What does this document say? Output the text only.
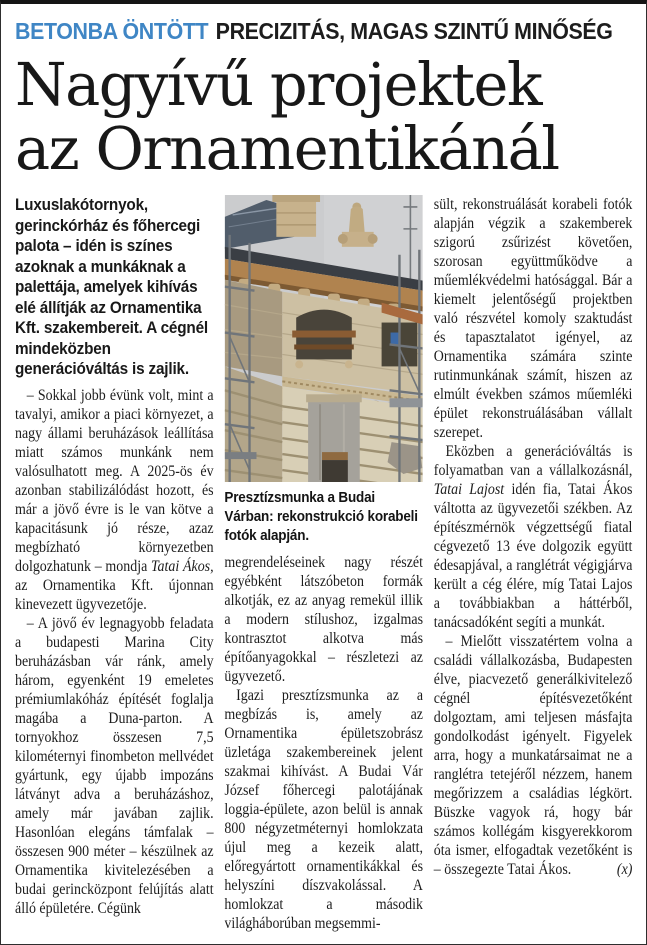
BETONBA ÖNTÖTT PRECIZITÁS, MAGAS SZINTŰ MINŐSÉG
Nagyívű projektek
az Ornamentikánál

Luxuslakótornyok, gerinckórház és főhercegi palota – idén is színes azoknak a munkáknak a palettája, amelyek kihívás elé állítják az Ornamentika Kft. szakembereit. A cégnél mindeközben generációváltás is zajlik.

– Sokkal jobb évünk volt, mint a tavalyi, amikor a piaci környezet, a nagy állami beruházások leállítása miatt számos munkánk nem valósulhatott meg. A 2025-ös év azonban stabilizálódást hozott, és már a jövő évre is le van kötve a kapacitásunk jó része, azaz megbízható környezetben dolgozhatunk – mondja Tatai Ákos, az Ornamentika Kft. újonnan kinevezett ügyvezetője.

– A jövő év legnagyobb feladata a budapesti Marina City beruházásban vár ránk, amely három, egyenként 19 emeletes prémiumlakóház építését foglalja magába a Duna-parton. A tornyokhoz összesen 7,5 kilométernyi finombeton mellvédet gyártunk, egy újabb impozáns látványt adva a beruházáshoz, amely már javában zajlik. Hasonlóan elegáns támfalak – összesen 900 méter – készülnek az Ornamentika kivitelezésében a budai gerincközpont felújítás alatt álló épületére. Cégünk

Presztízsmunka a Budai Várban: rekonstrukció korabeli fotók alapján.

megrendeléseinek nagy részét egyébként látszóbeton formák alkotják, ez az anyag remekül illik a modern stílushoz, izgalmas kontrasztot alkotva más építőanyagokkal – részletezi az ügyvezető.

Igazi presztízsmunka az a megbízás is, amely az Ornamentika épületszobrász üzletága szakembereinek jelent szakmai kihívást. A Budai Vár József főhercegi palotájának loggia-épülete, azon belül is annak 800 négyzetméternyi homlokzata újul meg a kezeik alatt, előregyártott ornamentikákkal és helyszíni díszvakolással. A homlokzat a második világháborúban megsemmi-

sült, rekonstruálását korabeli fotók alapján végzik a szakemberek szigorú zsűrizést követően, szorosan együttműködve a műemlékvédelmi hatósággal. Bár a kiemelt jelentőségű projektben való részvétel komoly szaktudást és tapasztalatot igényel, az Ornamentika számára szinte rutinmunkának számít, hiszen az elmúlt években számos műemléki épület rekonstruálásában vállalt szerepet.

Eközben a generációváltás is folyamatban van a vállalkozásnál, Tatai Lajost idén fia, Tatai Ákos váltotta az ügyvezetői székben. Az építészmérnök végzettségű fiatal cégvezető 13 éve dolgozik együtt édesapjával, a ranglétrát végigjárva került a cég élére, míg Tatai Lajos a továbbiakban a háttérből, tanácsadóként segíti a munkát.

– Mielőtt visszatértem volna a családi vállalkozásba, Budapesten élve, piacvezető generálkivitelező cégnél építésvezetőként dolgoztam, ami teljesen másfajta gondolkodást igényelt. Figyelek arra, hogy a munkatársaimat ne a ranglétra tetejéről nézzem, hanem megőrizzem a családias légkört. Büszke vagyok rá, hogy bár számos kollégám kisgyerekkorom óta ismer, elfogadtak vezetőként is – összegezte Tatai Ákos.	(x)
